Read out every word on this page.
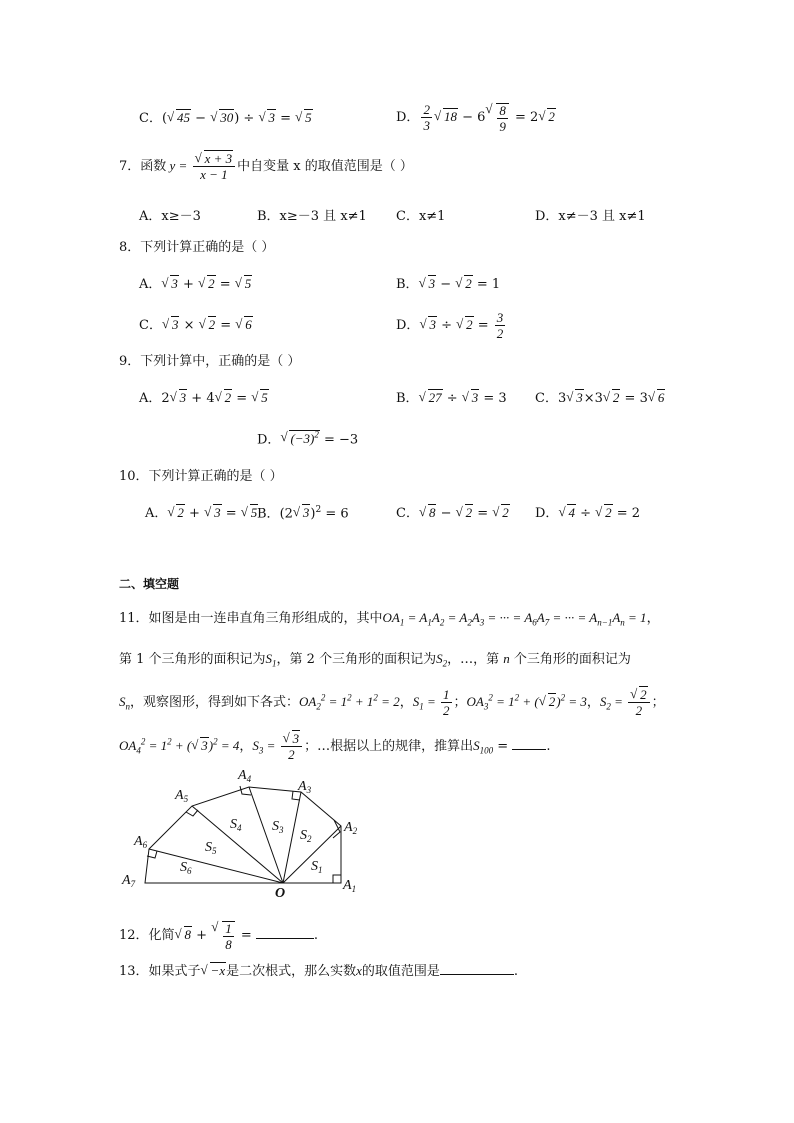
C．(√ 45 − √ 30) ÷ √ 3 = √ 5	D． $\frac{2}{3}$
√ 18 − 6
√ $\frac{8}{9} = 2√$ 2
7．函数 y =
√ $\frac{x + 3}{x - 1}$ 中自变量 x 的取值范围是（ ）
A．x≥－3	B．x≥－3 且 x≠1 C．x≠1	D．x≠－3 且 x≠1
8．下列计算正确的是（ ）
A．√ 3 + √ 2 = √ 5	B．√ 3 − √ 2 = 1
C．√ 3 × √ 2 = √ 6	D．√ 3 ÷ √ $2 = \frac{3}{2}$
9．下列计算中，正确的是（ ）
A．2√ 3 + 4√ 2 = √ 5	B．√ 27 ÷ √ 3 = 3 C．3√ 3×3√ 2 = 3√ 6
D．√ $(-3)^2 = -3$
10．下列计算正确的是（ ）
A．√ 2 + √ 3 = √ 5 B．(2√ 3)$^2$ = 6	C．√ 8 − √ 2 = √ 2 D．√ 4 ÷ √ 2 = 2
二、填空题
11．如图是由一连串直角三角形组成的，其中$OA_1 = A_1A_2 = A_2A_3$ = ··· = $A_6A_7$ = ··· = $A_{n-1}A_n = 1$，
第 1 个三角形的面积记为$S_1$，第 2 个三角形的面积记为$S_2$，…，第 n 个三角形的面积记为
$S_n$，观察图形，得到如下各式：$OA_2^2 = 1^2 + 1^2 = 2$，$S_1 = \frac{1}{2}$ ；$OA_3^2 = 1^2$ + (√ 2)$^2$ = 3，$S_2$ =
√ $\frac{2}{2}$ ；
$OA_4^2 = 1^2$ + (√ 3)$^2$ = 4，$S_3$ =
√ $\frac{3}{2}$ ；…根据以上的规律，推算出$S_{100}$ =	.
$A_1$
$A_2$
$A_3$
$A_4$
$A_5$
$A_6$
$A_7$
O
$S_1$
$S_2$
$S_3$
$S_4$
$S_5$
$S_6$
12．化简√ 8 +
√ $\frac{1}{8}$ =	.
13．如果式子√ −x是二次根式，那么实数x的取值范围是	.
